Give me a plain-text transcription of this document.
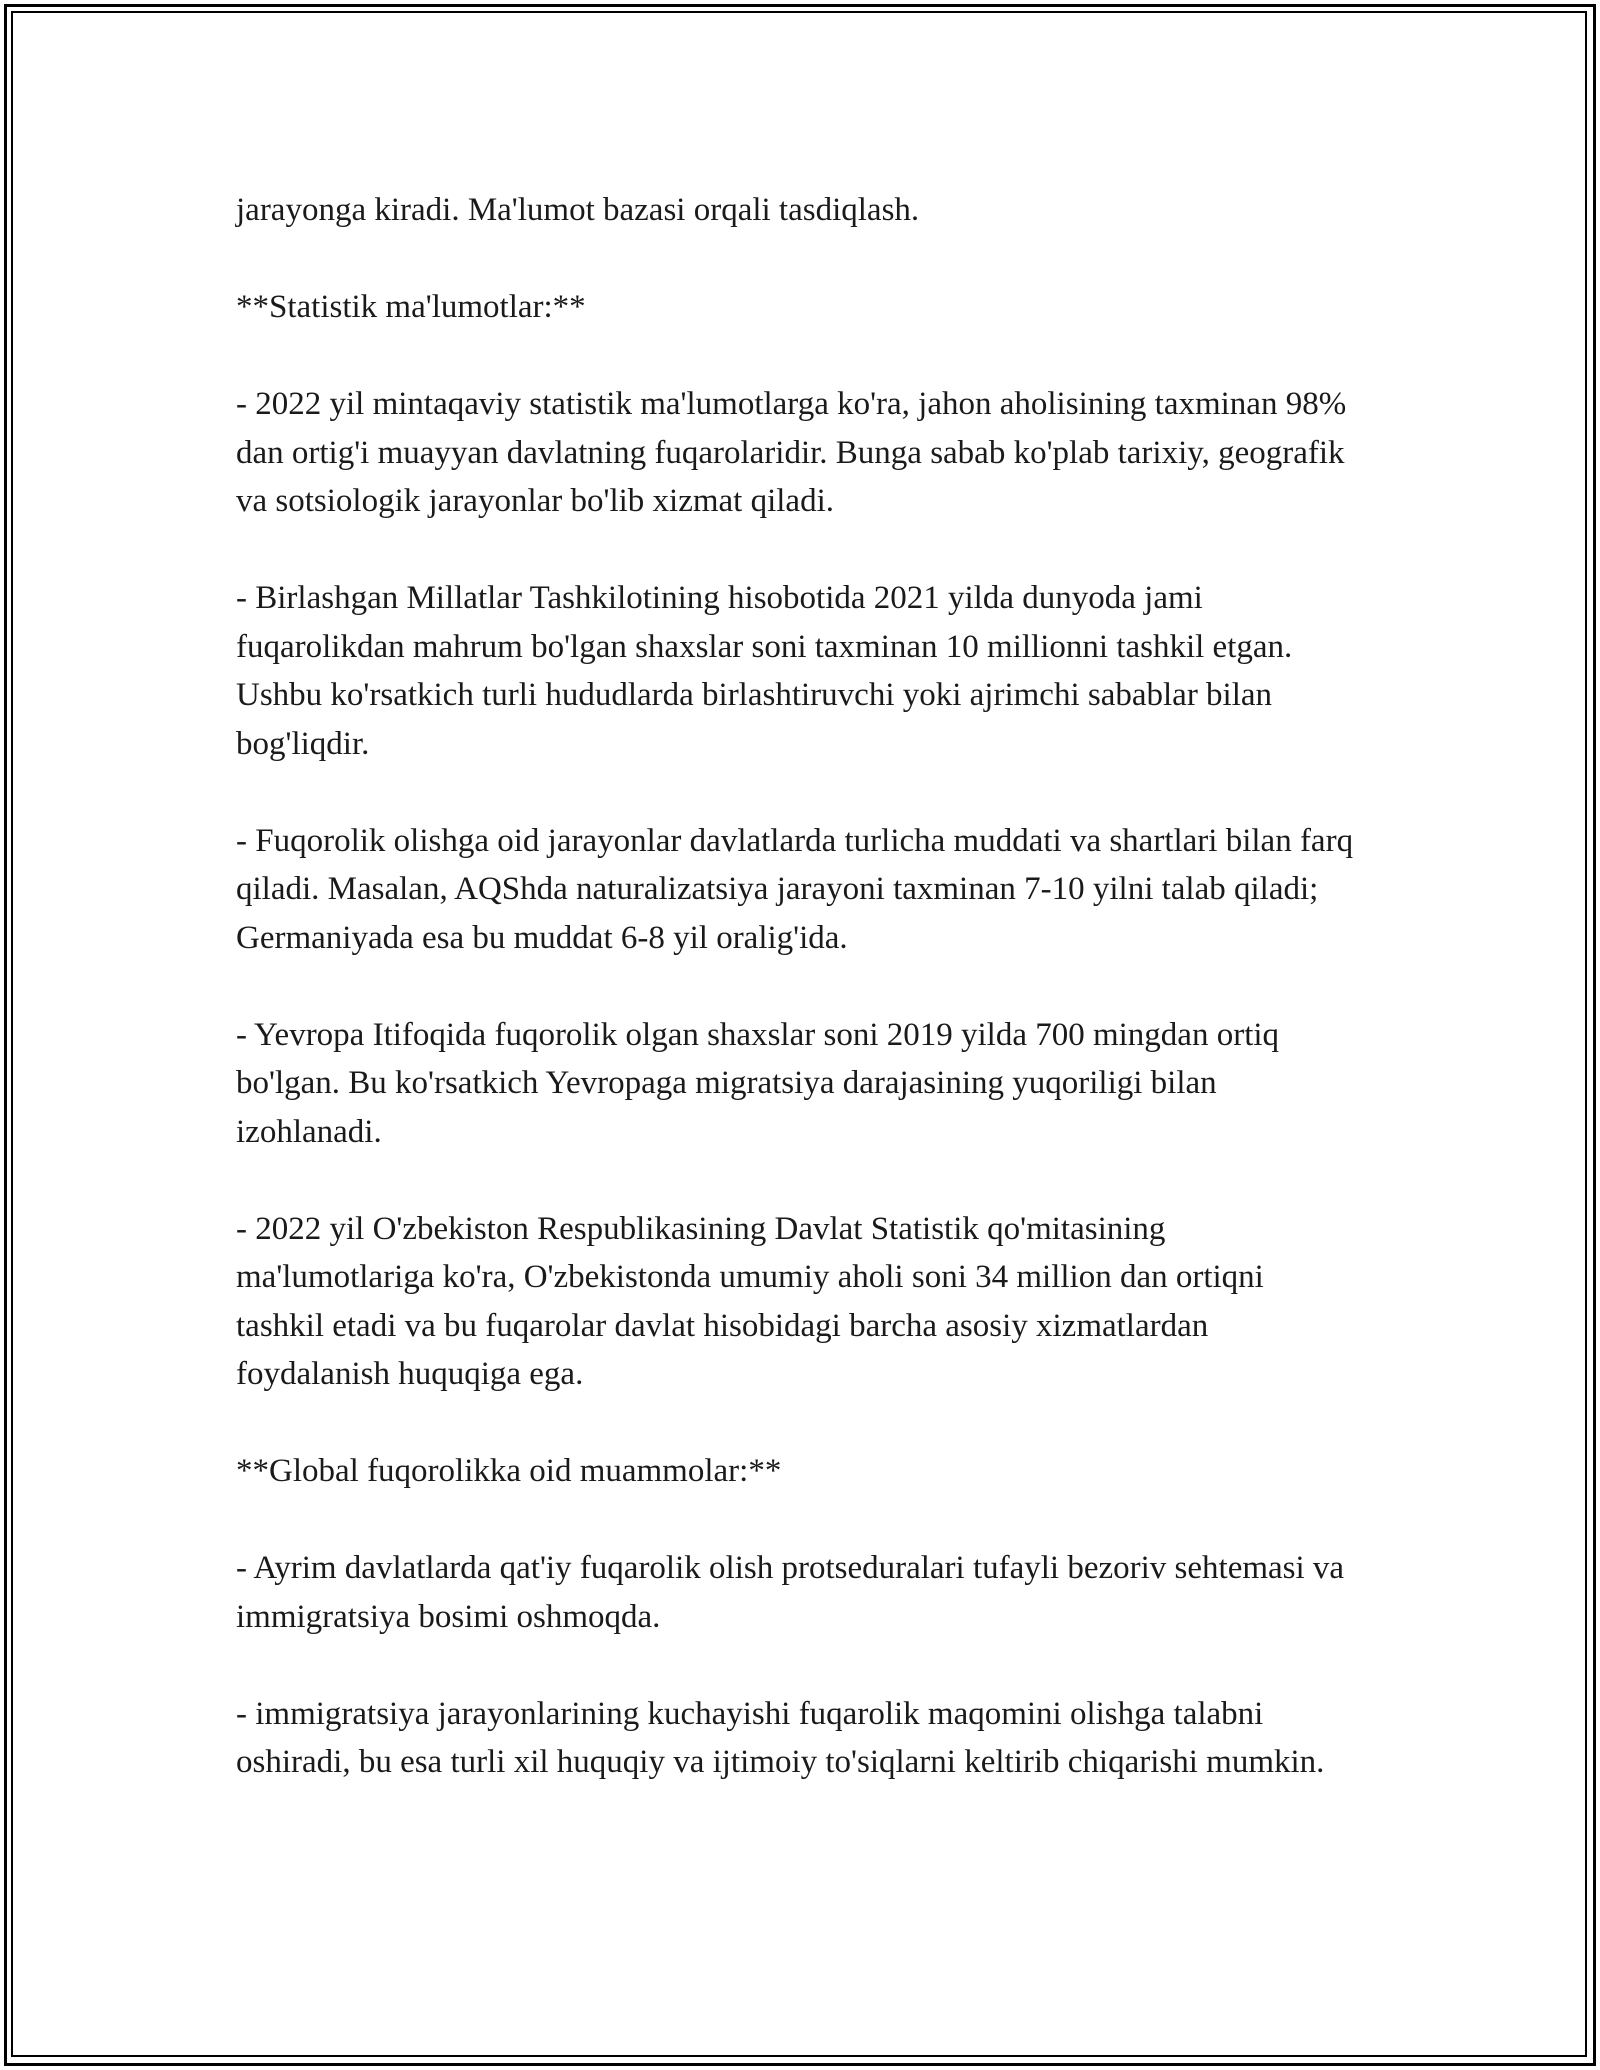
jarayonga kiradi. Ma'lumot bazasi orqali tasdiqlash.

**Statistik ma'lumotlar:**

- 2022 yil mintaqaviy statistik ma'lumotlarga ko'ra, jahon aholisining taxminan 98% dan ortig'i muayyan davlatning fuqarolaridir. Bunga sabab ko'plab tarixiy, geografik va sotsiologik jarayonlar bo'lib xizmat qiladi.

- Birlashgan Millatlar Tashkilotining hisobotida 2021 yilda dunyoda jami fuqarolikdan mahrum bo'lgan shaxslar soni taxminan 10 millionni tashkil etgan. Ushbu ko'rsatkich turli hududlarda birlashtiruvchi yoki ajrimchi sabablar bilan bog'liqdir.

- Fuqorolik olishga oid jarayonlar davlatlarda turlicha muddati va shartlari bilan farq qiladi. Masalan, AQShda naturalizatsiya jarayoni taxminan 7-10 yilni talab qiladi; Germaniyada esa bu muddat 6-8 yil oralig'ida.

- Yevropa Itifoqida fuqorolik olgan shaxslar soni 2019 yilda 700 mingdan ortiq bo'lgan. Bu ko'rsatkich Yevropaga migratsiya darajasining yuqoriligi bilan izohlanadi.

- 2022 yil O'zbekiston Respublikasining Davlat Statistik qo'mitasining ma'lumotlariga ko'ra, O'zbekistonda umumiy aholi soni 34 million dan ortiqni tashkil etadi va bu fuqarolar davlat hisobidagi barcha asosiy xizmatlardan foydalanish huquqiga ega.

**Global fuqorolikka oid muammolar:**

- Ayrim davlatlarda qat'iy fuqarolik olish protseduralari tufayli bezoriv sehtemasi va immigratsiya bosimi oshmoqda.

- immigratsiya jarayonlarining kuchayishi fuqarolik maqomini olishga talabni oshiradi, bu esa turli xil huquqiy va ijtimoiy to'siqlarni keltirib chiqarishi mumkin.
